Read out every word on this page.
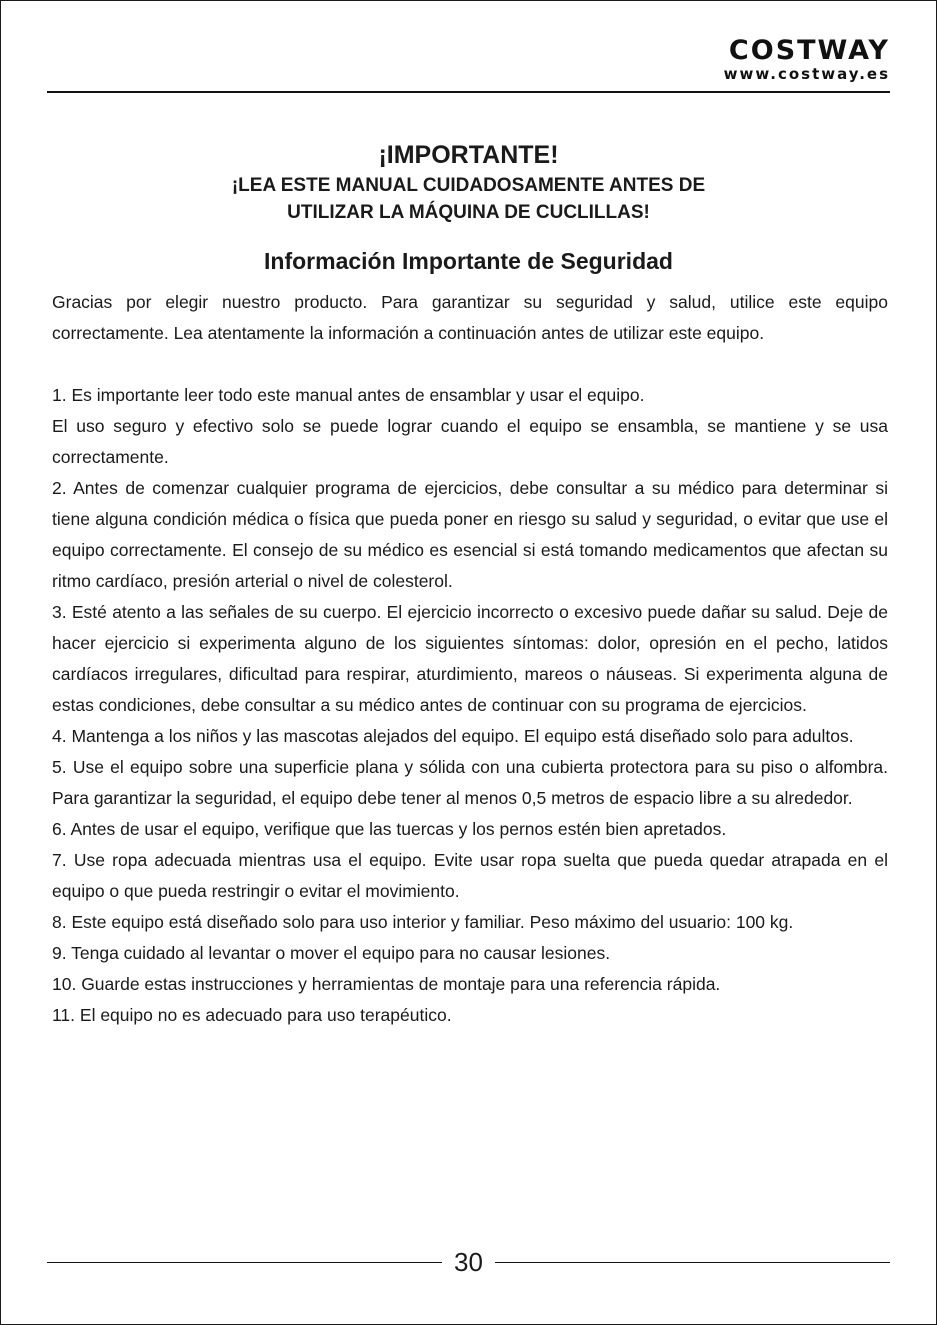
COSTWAY
www.costway.es
¡IMPORTANTE!
¡LEA ESTE MANUAL CUIDADOSAMENTE ANTES DE
UTILIZAR LA MÁQUINA DE CUCLILLAS!
Información Importante de Seguridad

Gracias por elegir nuestro producto. Para garantizar su seguridad y salud, utilice este equipo correctamente. Lea atentamente la información a continuación antes de utilizar este equipo.

1. Es importante leer todo este manual antes de ensamblar y usar el equipo.

El uso seguro y efectivo solo se puede lograr cuando el equipo se ensambla, se mantiene y se usa correctamente.

2. Antes de comenzar cualquier programa de ejercicios, debe consultar a su médico para determinar si tiene alguna condición médica o física que pueda poner en riesgo su salud y seguridad, o evitar que use el equipo correctamente. El consejo de su médico es esencial si está tomando medicamentos que afectan su ritmo cardíaco, presión arterial o nivel de colesterol.

3. Esté atento a las señales de su cuerpo. El ejercicio incorrecto o excesivo puede dañar su salud. Deje de hacer ejercicio si experimenta alguno de los siguientes síntomas: dolor, opresión en el pecho, latidos cardíacos irregulares, dificultad para respirar, aturdimiento, mareos o náuseas. Si experimenta alguna de estas condiciones, debe consultar a su médico antes de continuar con su programa de ejercicios.

4. Mantenga a los niños y las mascotas alejados del equipo. El equipo está diseñado solo para adultos.

5. Use el equipo sobre una superficie plana y sólida con una cubierta protectora para su piso o alfombra. Para garantizar la seguridad, el equipo debe tener al menos 0,5 metros de espacio libre a su alrededor.

6. Antes de usar el equipo, verifique que las tuercas y los pernos estén bien apretados.

7. Use ropa adecuada mientras usa el equipo. Evite usar ropa suelta que pueda quedar atrapada en el equipo o que pueda restringir o evitar el movimiento.

8. Este equipo está diseñado solo para uso interior y familiar. Peso máximo del usuario: 100 kg.

9. Tenga cuidado al levantar o mover el equipo para no causar lesiones.

10. Guarde estas instrucciones y herramientas de montaje para una referencia rápida.

11. El equipo no es adecuado para uso terapéutico.

30
